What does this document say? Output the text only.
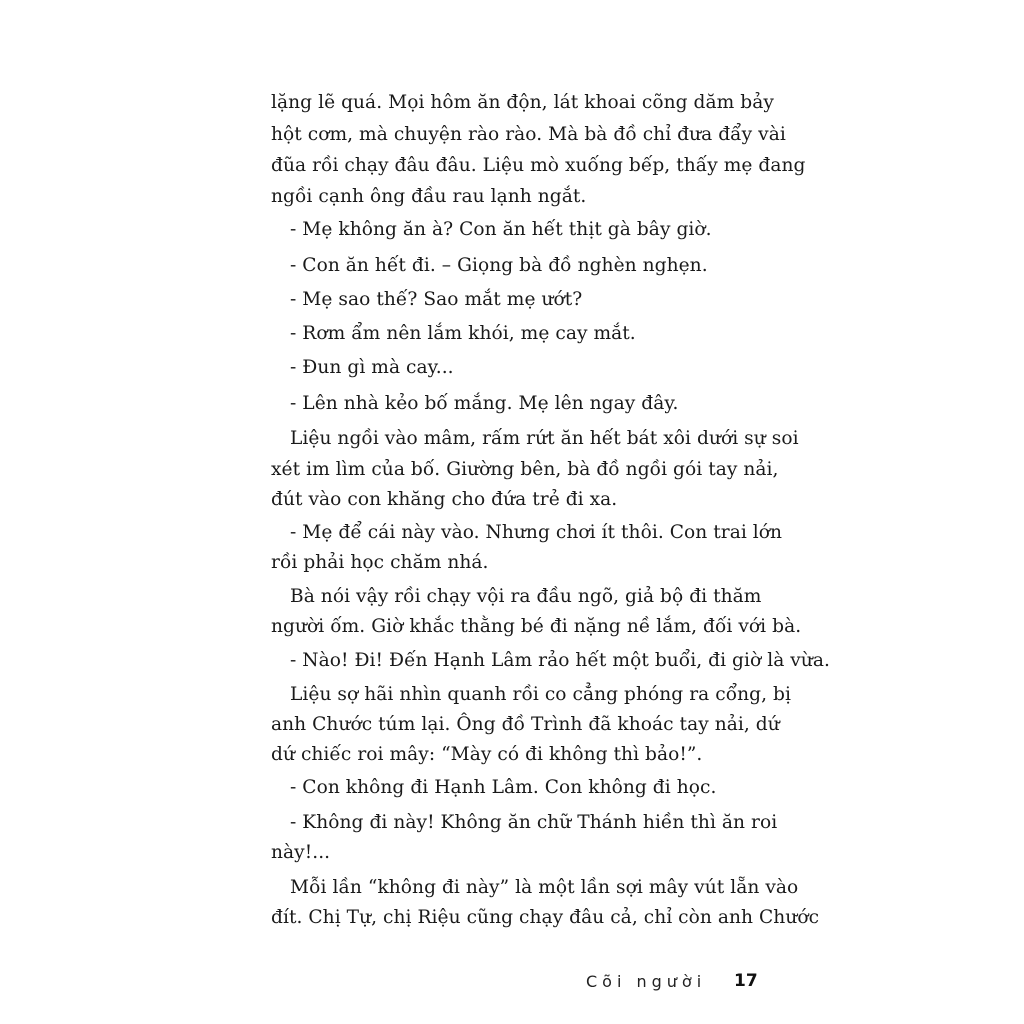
lặng lẽ quá. Mọi hôm ăn độn, lát khoai cõng dăm bảy
hột cơm, mà chuyện rào rào. Mà bà đồ chỉ đưa đẩy vài
đũa rồi chạy đâu đâu. Liệu mò xuống bếp, thấy mẹ đang
ngồi cạnh ông đầu rau lạnh ngắt.
- Mẹ không ăn à? Con ăn hết thịt gà bây giờ.
- Con ăn hết đi. – Giọng bà đồ nghèn nghẹn.
- Mẹ sao thế? Sao mắt mẹ ướt?
- Rơm ẩm nên lắm khói, mẹ cay mắt.
- Đun gì mà cay...
- Lên nhà kẻo bố mắng. Mẹ lên ngay đây.
Liệu ngồi vào mâm, rấm rứt ăn hết bát xôi dưới sự soi
xét im lìm của bố. Giường bên, bà đồ ngồi gói tay nải,
đút vào con khăng cho đứa trẻ đi xa.
- Mẹ để cái này vào. Nhưng chơi ít thôi. Con trai lớn
rồi phải học chăm nhá.
Bà nói vậy rồi chạy vội ra đầu ngõ, giả bộ đi thăm
người ốm. Giờ khắc thằng bé đi nặng nề lắm, đối với bà.
- Nào! Đi! Đến Hạnh Lâm rảo hết một buổi, đi giờ là vừa.
Liệu sợ hãi nhìn quanh rồi co cẳng phóng ra cổng, bị
anh Chước túm lại. Ông đồ Trình đã khoác tay nải, dứ
dứ chiếc roi mây: “Mày có đi không thì bảo!”.
- Con không đi Hạnh Lâm. Con không đi học.
- Không đi này! Không ăn chữ Thánh hiền thì ăn roi
này!...
Mỗi lần “không đi này” là một lần sợi mây vút lẵn vào
đít. Chị Tự, chị Riệu cũng chạy đâu cả, chỉ còn anh Chước
Cõi người 17
